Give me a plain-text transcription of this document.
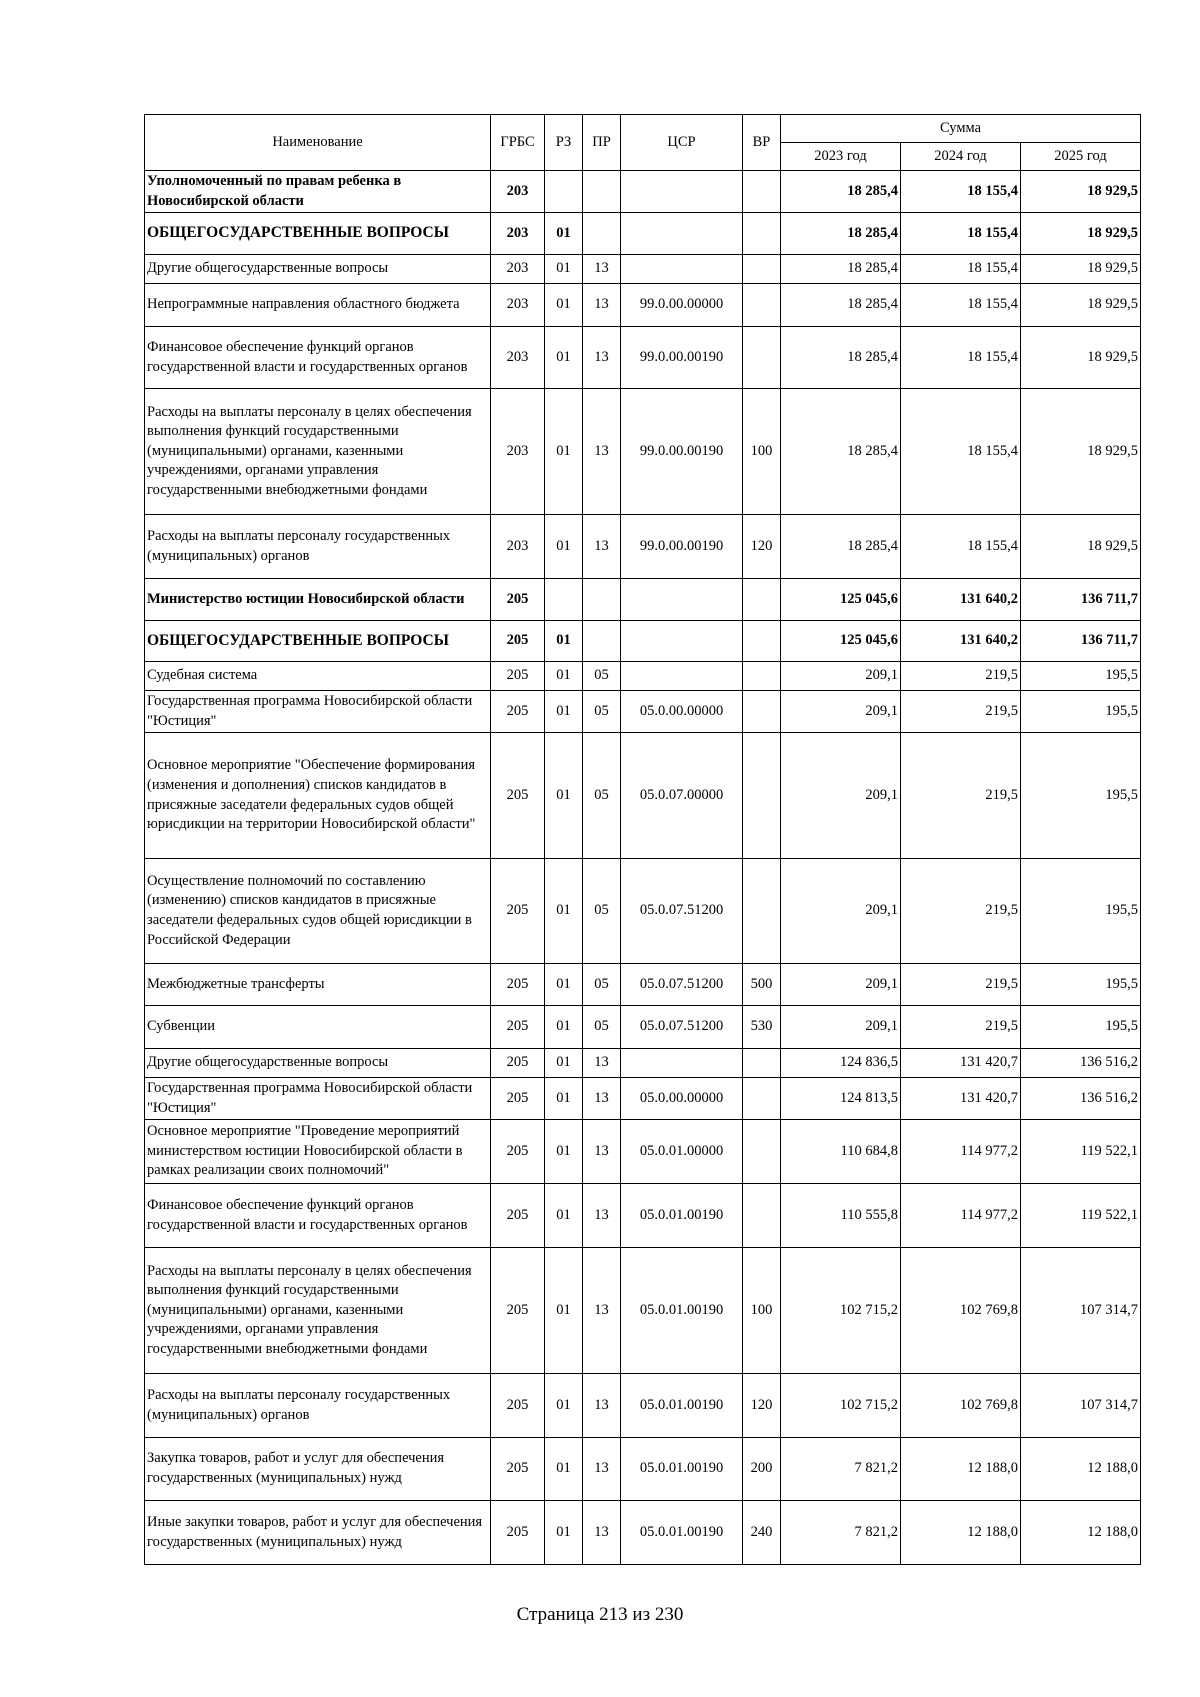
Наименование	ГРБС	РЗ	ПР	ЦСР	ВР	Сумма		
						2023 год	2024 год	2025 год
Уполномоченный по правам ребенка в Новосибирской области	203					18 285,4	18 155,4	18 929,5
ОБЩЕГОСУДАРСТВЕННЫЕ ВОПРОСЫ	203	01				18 285,4	18 155,4	18 929,5
Другие общегосударственные вопросы	203	01	13			18 285,4	18 155,4	18 929,5
Непрограммные направления областного бюджета	203	01	13	99.0.00.00000		18 285,4	18 155,4	18 929,5
Финансовое обеспечение функций органов государственной власти и государственных органов	203	01	13	99.0.00.00190		18 285,4	18 155,4	18 929,5
Расходы на выплаты персоналу в целях обеспечения выполнения функций государственными (муниципальными) органами, казенными учреждениями, органами управления государственными внебюджетными фондами	203	01	13	99.0.00.00190	100	18 285,4	18 155,4	18 929,5
Расходы на выплаты персоналу государственных (муниципальных) органов	203	01	13	99.0.00.00190	120	18 285,4	18 155,4	18 929,5
Министерство юстиции Новосибирской области	205					125 045,6	131 640,2	136 711,7
ОБЩЕГОСУДАРСТВЕННЫЕ ВОПРОСЫ	205	01				125 045,6	131 640,2	136 711,7
Судебная система	205	01	05			209,1	219,5	195,5
Государственная программа Новосибирской области "Юстиция"	205	01	05	05.0.00.00000		209,1	219,5	195,5
Основное мероприятие "Обеспечение формирования (изменения и дополнения) списков кандидатов в присяжные заседатели федеральных судов общей юрисдикции на территории Новосибирской области"	205	01	05	05.0.07.00000		209,1	219,5	195,5
Осуществление полномочий по составлению (изменению) списков кандидатов в присяжные заседатели федеральных судов общей юрисдикции в Российской Федерации	205	01	05	05.0.07.51200		209,1	219,5	195,5
Межбюджетные трансферты	205	01	05	05.0.07.51200	500	209,1	219,5	195,5
Субвенции	205	01	05	05.0.07.51200	530	209,1	219,5	195,5
Другие общегосударственные вопросы	205	01	13			124 836,5	131 420,7	136 516,2
Государственная программа Новосибирской области "Юстиция"	205	01	13	05.0.00.00000		124 813,5	131 420,7	136 516,2
Основное мероприятие "Проведение мероприятий министерством юстиции Новосибирской области в рамках реализации своих полномочий"	205	01	13	05.0.01.00000		110 684,8	114 977,2	119 522,1
Финансовое обеспечение функций органов государственной власти и государственных органов	205	01	13	05.0.01.00190		110 555,8	114 977,2	119 522,1
Расходы на выплаты персоналу в целях обеспечения выполнения функций государственными (муниципальными) органами, казенными учреждениями, органами управления государственными внебюджетными фондами	205	01	13	05.0.01.00190	100	102 715,2	102 769,8	107 314,7
Расходы на выплаты персоналу государственных (муниципальных) органов	205	01	13	05.0.01.00190	120	102 715,2	102 769,8	107 314,7
Закупка товаров, работ и услуг для обеспечения государственных (муниципальных) нужд	205	01	13	05.0.01.00190	200	7 821,2	12 188,0	12 188,0
Иные закупки товаров, работ и услуг для обеспечения государственных (муниципальных) нужд	205	01	13	05.0.01.00190	240	7 821,2	12 188,0	12 188,0
Страница 213 из 230
